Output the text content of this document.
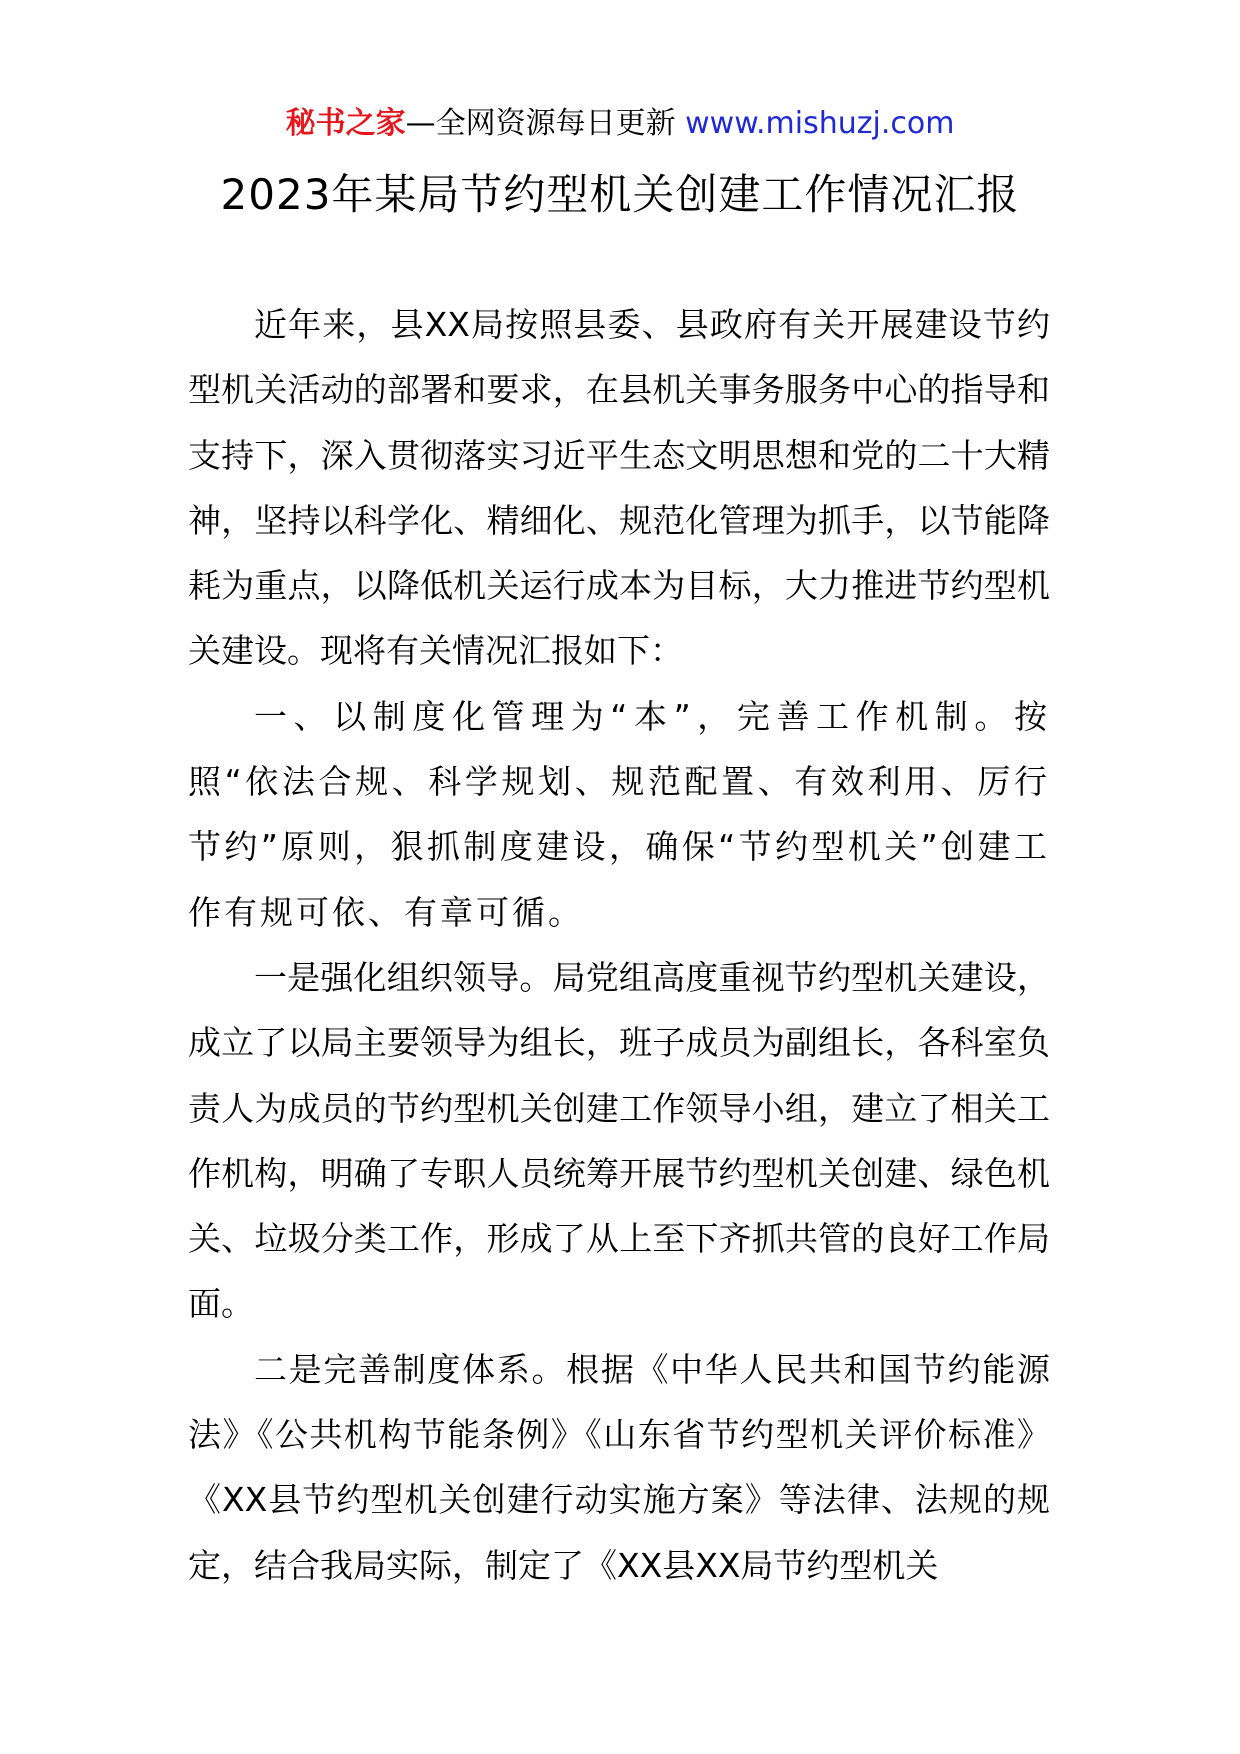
秘书之家—全网资源每日更新 www.mishuzj.com
2023年某局节约型机关创建工作情况汇报

近年来，县XX局按照县委、县政府有关开展建设节约型机关活动的部署和要求，在县机关事务服务中心的指导和支持下，深入贯彻落实习近平生态文明思想和党的二十大精神，坚持以科学化、精细化、规范化管理为抓手，以节能降耗为重点，以降低机关运行成本为目标，大力推进节约型机关建设。现将有关情况汇报如下：

一、以制度化管理为“本”，完善工作机制。按照“依法合规、科学规划、规范配置、有效利用、厉行节约”原则，狠抓制度建设，确保“节约型机关”创建工作有规可依、有章可循。

一是强化组织领导。局党组高度重视节约型机关建设，成立了以局主要领导为组长，班子成员为副组长，各科室负责人为成员的节约型机关创建工作领导小组，建立了相关工作机构，明确了专职人员统筹开展节约型机关创建、绿色机关、垃圾分类工作，形成了从上至下齐抓共管的良好工作局面。

二是完善制度体系。根据《中华人民共和国节约能源法》《公共机构节能条例》《山东省节约型机关评价标准》《XX县节约型机关创建行动实施方案》等法律、法规的规定，结合我局实际，制定了《XX县XX局节约型机关
